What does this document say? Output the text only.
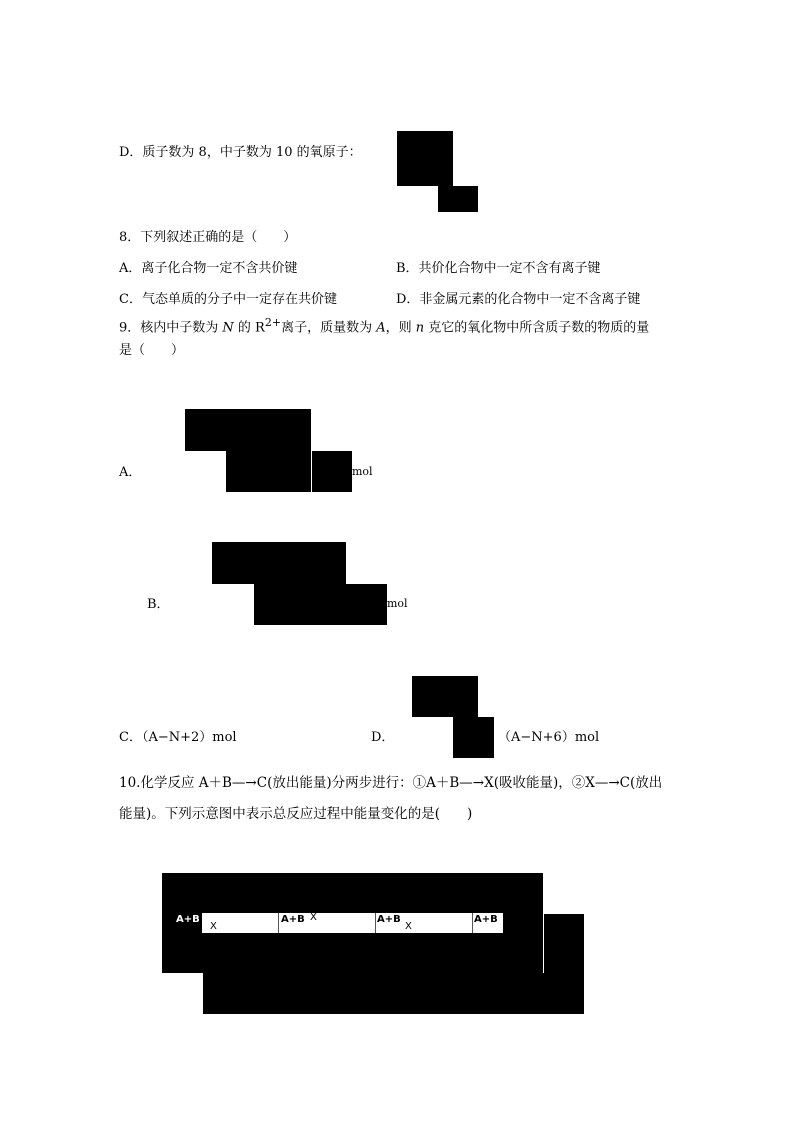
D．质子数为 8，中子数为 10 的氧原子：
8．下列叙述正确的是（　　）
A．离子化合物一定不含共价键	B．共价化合物中一定不含有离子键
C．气态单质的分子中一定存在共价键	D．非金属元素的化合物中一定不含离子键
9．核内中子数为 N 的 $R^{2+}$离子，质量数为 A，则 n 克它的氧化物中所含质子数的物质的量
是（　　）
A．	mol
B．	mol
C．（A−N+2）mol	D．	（A−N+6）mol
10.化学反应 A＋B—→C(放出能量)分两步进行：①A＋B—→X(吸收能量)，②X—→C(放出
能量)。下列示意图中表示总反应过程中能量变化的是(　　)
A+B	A+B X	A+B
X
A+B
X
